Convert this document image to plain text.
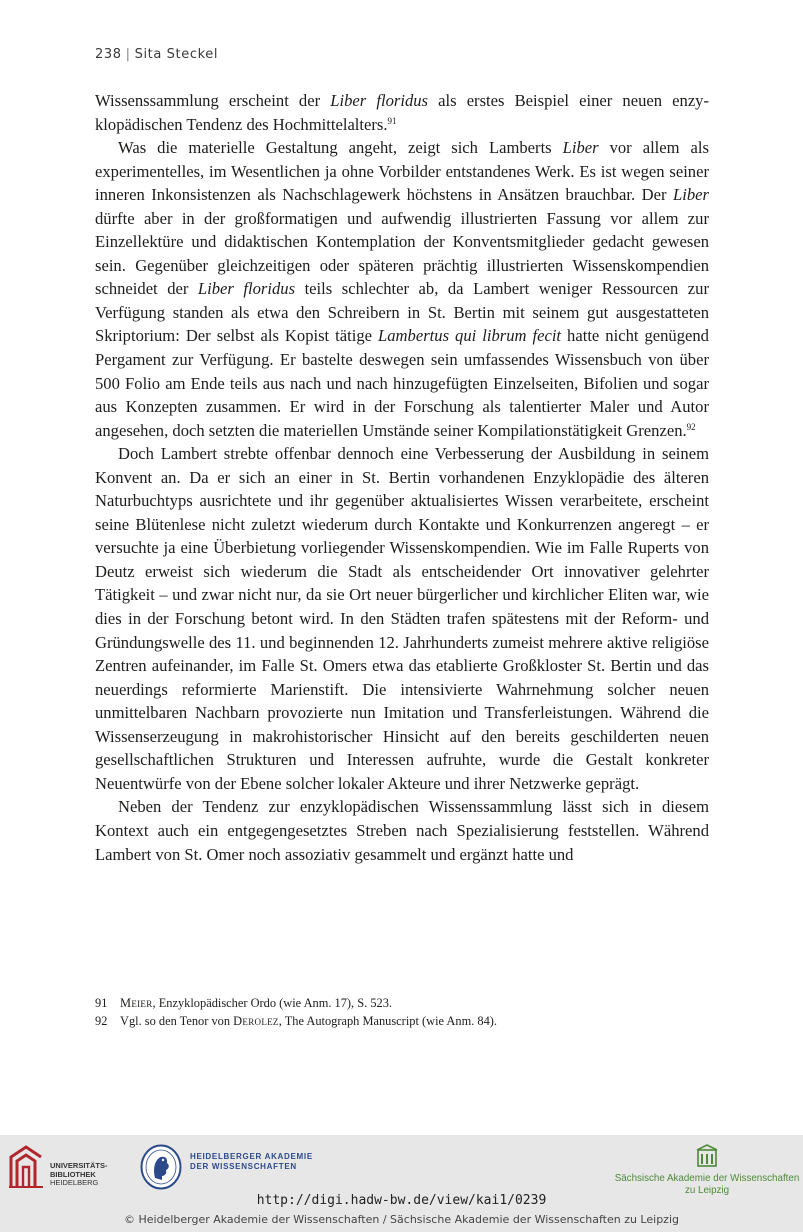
238 | Sita Steckel

Wissenssammlung erscheint der Liber floridus als erstes Beispiel einer neuen enzy-klopädischen Tendenz des Hochmittelalters.$^{91}$

Was die materielle Gestaltung angeht, zeigt sich Lamberts Liber vor allem als experimentelles, im Wesentlichen ja ohne Vorbilder entstandenes Werk. Es ist wegen seiner inneren Inkonsistenzen als Nachschlagewerk höchstens in Ansätzen brauchbar. Der Liber dürfte aber in der großformatigen und aufwendig illustrierten Fassung vor allem zur Einzellektüre und didaktischen Kontemplation der Konventsmitglieder gedacht gewesen sein. Gegenüber gleichzeitigen oder späteren prächtig illustrierten Wissenskompendien schneidet der Liber floridus teils schlechter ab, da Lambert weniger Ressourcen zur Verfügung standen als etwa den Schreibern in St. Bertin mit seinem gut ausgestatteten Skriptorium: Der selbst als Kopist tätige Lambertus qui librum fecit hatte nicht genügend Pergament zur Verfügung. Er bastelte deswegen sein umfassendes Wissensbuch von über 500 Folio am Ende teils aus nach und nach hinzugefügten Einzelseiten, Bifolien und sogar aus Konzepten zusammen. Er wird in der Forschung als talentierter Maler und Autor angesehen, doch setzten die materiellen Umstände seiner Kompilationstätigkeit Grenzen.$^{92}$

Doch Lambert strebte offenbar dennoch eine Verbesserung der Ausbildung in seinem Konvent an. Da er sich an einer in St. Bertin vorhandenen Enzyklopädie des älteren Naturbuchtyps ausrichtete und ihr gegenüber aktualisiertes Wissen verarbeitete, erscheint seine Blütenlese nicht zuletzt wiederum durch Kontakte und Konkurrenzen angeregt – er versuchte ja eine Überbietung vorliegender Wissenskompendien. Wie im Falle Ruperts von Deutz erweist sich wiederum die Stadt als entscheidender Ort innovativer gelehrter Tätigkeit – und zwar nicht nur, da sie Ort neuer bürgerlicher und kirchlicher Eliten war, wie dies in der Forschung betont wird. In den Städten trafen spätestens mit der Reform- und Gründungswelle des 11. und beginnenden 12. Jahrhunderts zumeist mehrere aktive religiöse Zentren aufeinander, im Falle St. Omers etwa das etablierte Großkloster St. Bertin und das neuerdings reformierte Marienstift. Die intensivierte Wahrnehmung solcher neuen unmittelbaren Nachbarn provozierte nun Imitation und Transferleistungen. Während die Wissenserzeugung in makrohistorischer Hinsicht auf den bereits geschilderten neuen gesellschaftlichen Strukturen und Interessen aufruhte, wurde die Gestalt konkreter Neuentwürfe von der Ebene solcher lokaler Akteure und ihrer Netzwerke geprägt.

Neben der Tendenz zur enzyklopädischen Wissenssammlung lässt sich in diesem Kontext auch ein entgegengesetztes Streben nach Spezialisierung feststellen. Während Lambert von St. Omer noch assoziativ gesammelt und ergänzt hatte und

91 Meier, Enzyklopädischer Ordo (wie Anm. 17), S. 523.
92 Vgl. so den Tenor von Derolez, The Autograph Manuscript (wie Anm. 84).
UNIVERSITÄTS-
BIBLIOTHEK
HEIDELBERG
HEIDELBERGER AKADEMIE
DER WISSENSCHAFTEN
Sächsische Akademie der Wissenschaften
zu Leipzig
http://digi.hadw-bw.de/view/kai1/0239
© Heidelberger Akademie der Wissenschaften / Sächsische Akademie der Wissenschaften zu Leipzig
